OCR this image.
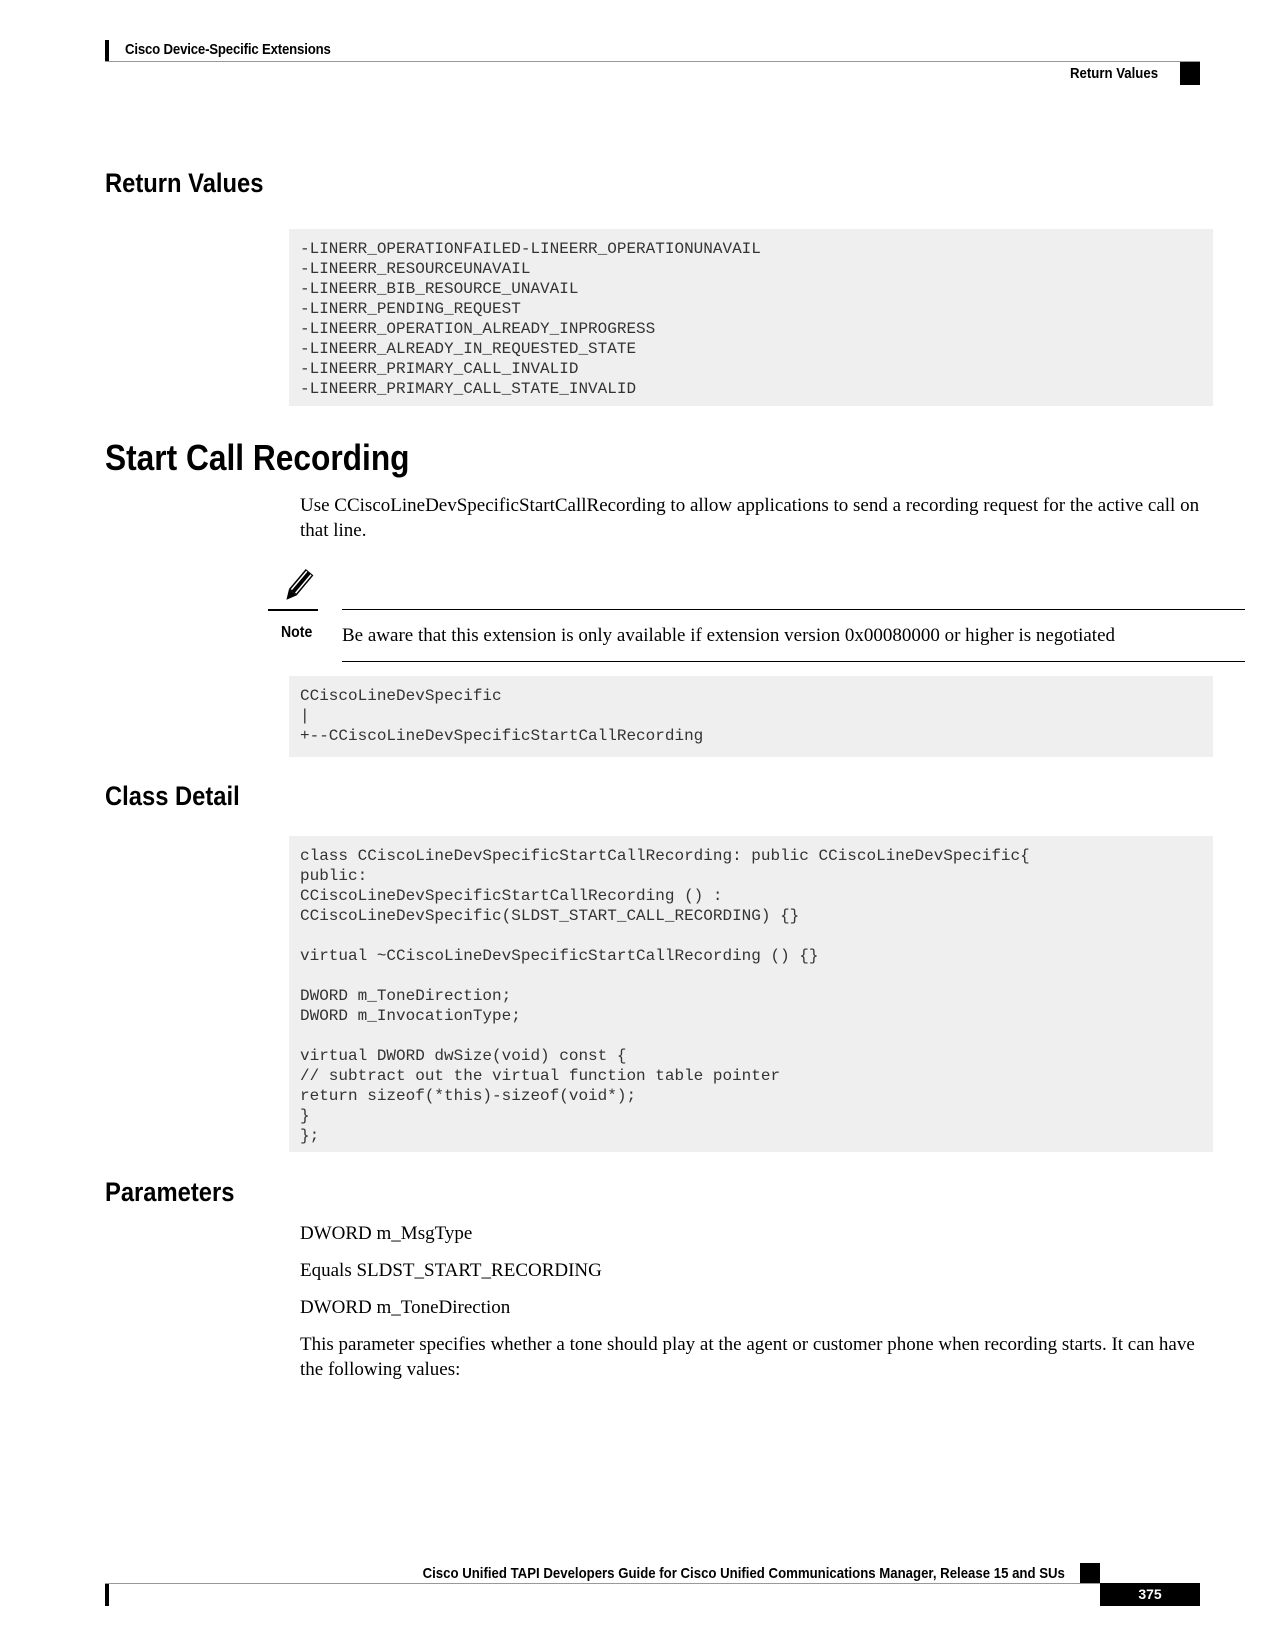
Cisco Device-Specific Extensions
Return Values
Return Values
-LINERR_OPERATIONFAILED-LINEERR_OPERATIONUNAVAIL
-LINEERR_RESOURCEUNAVAIL
-LINEERR_BIB_RESOURCE_UNAVAIL
-LINERR_PENDING_REQUEST
-LINEERR_OPERATION_ALREADY_INPROGRESS
-LINEERR_ALREADY_IN_REQUESTED_STATE
-LINEERR_PRIMARY_CALL_INVALID
-LINEERR_PRIMARY_CALL_STATE_INVALID
Start Call Recording

Use CCiscoLineDevSpecificStartCallRecording to allow applications to send a recording request for the active call on that line.

Note Be aware that this extension is only available if extension version 0x00080000 or higher is negotiated
CCiscoLineDevSpecific
|
+--CCiscoLineDevSpecificStartCallRecording
Class Detail
class CCiscoLineDevSpecificStartCallRecording: public CCiscoLineDevSpecific{
public:
CCiscoLineDevSpecificStartCallRecording () :
CCiscoLineDevSpecific(SLDST_START_CALL_RECORDING) {}

virtual ~CCiscoLineDevSpecificStartCallRecording () {}

DWORD m_ToneDirection;
DWORD m_InvocationType;

virtual DWORD dwSize(void) const {
// subtract out the virtual function table pointer
return sizeof(*this)-sizeof(void*);
}
};
Parameters

DWORD m_MsgType

Equals SLDST_START_RECORDING

DWORD m_ToneDirection

This parameter specifies whether a tone should play at the agent or customer phone when recording starts. It can have the following values:

Cisco Unified TAPI Developers Guide for Cisco Unified Communications Manager, Release 15 and SUs
375
